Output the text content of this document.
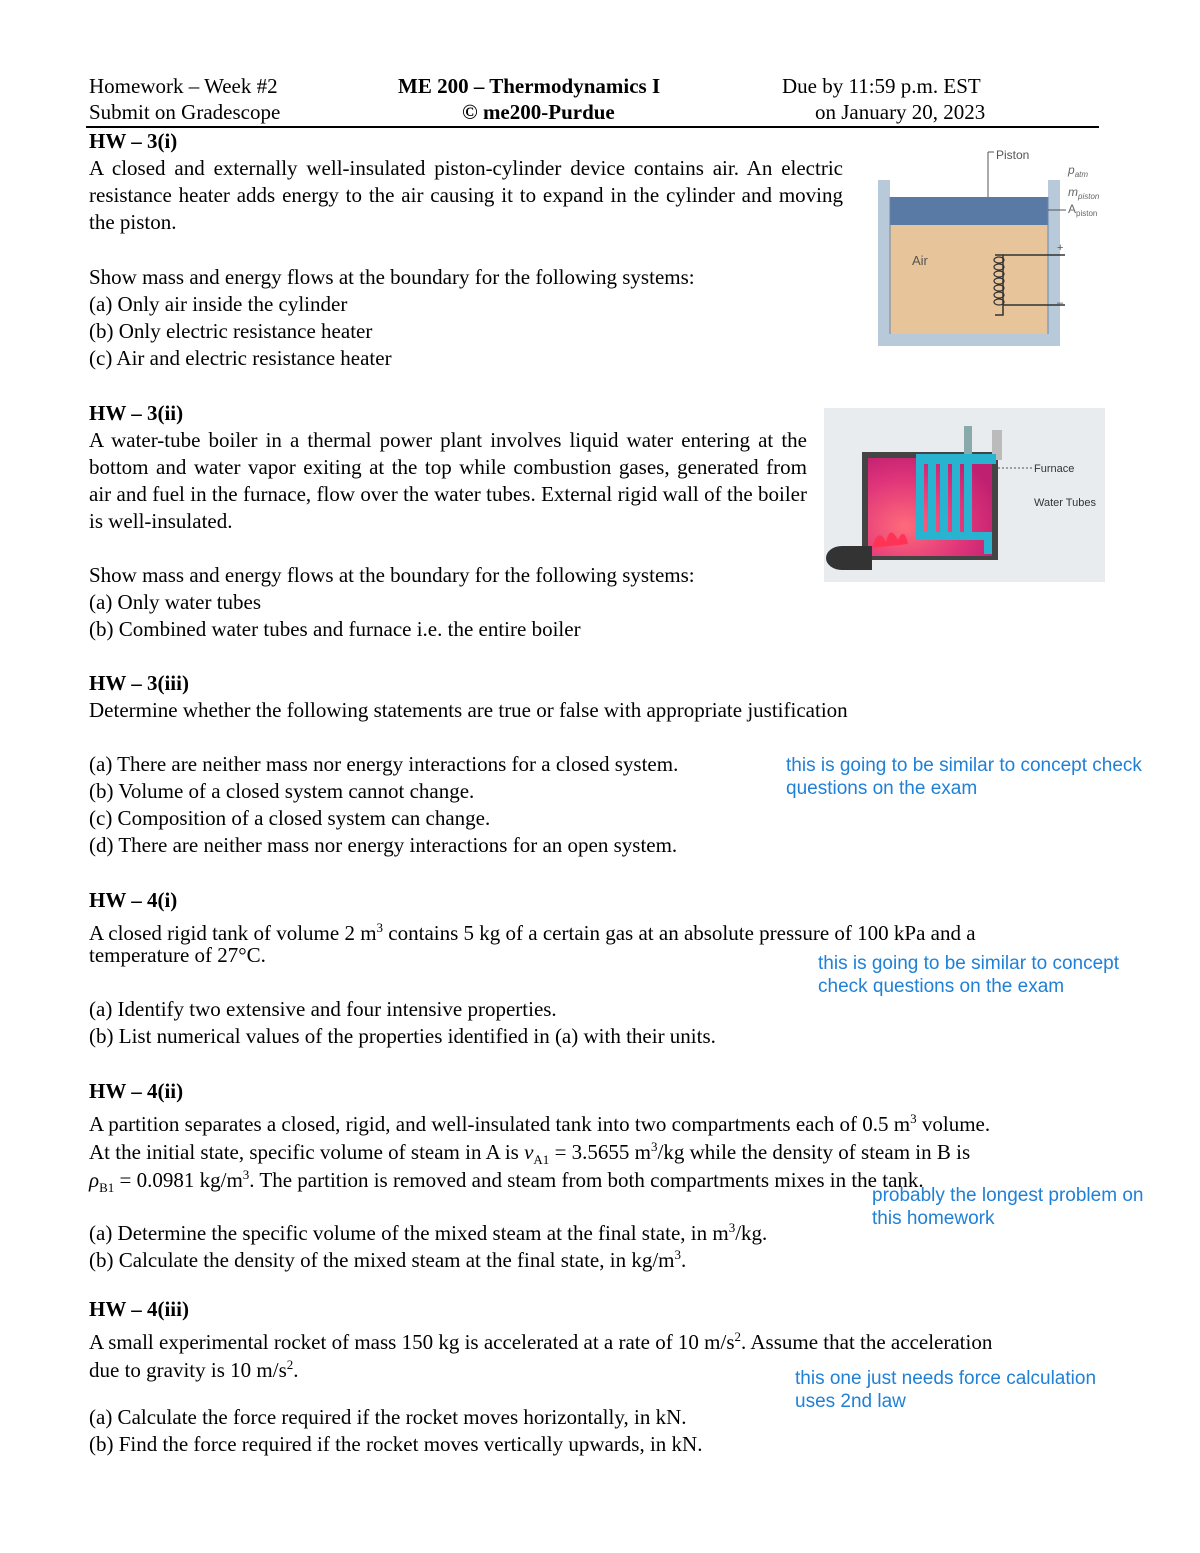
Homework – Week #2
Submit on Gradescope
ME 200 – Thermodynamics I
© me200-Purdue
Due by 11:59 p.m. EST
on January 20, 2023
HW – 3(i)
A closed and externally well-insulated piston-cylinder device contains air. An electric resistance heater adds energy to the air causing it to expand in the cylinder and moving the piston.
Show mass and energy flows at the boundary for the following systems:
(a) Only air inside the cylinder
(b) Only electric resistance heater
(c) Air and electric resistance heater
Piston
$p_{atm}$
$m_{piston}$
$A_{piston}$
Air
+
–
HW – 3(ii)
A water-tube boiler in a thermal power plant involves liquid water entering at the bottom and water vapor exiting at the top while combustion gases, generated from air and fuel in the furnace, flow over the water tubes. External rigid wall of the boiler is well-insulated.
Show mass and energy flows at the boundary for the following systems:
(a) Only water tubes
(b) Combined water tubes and furnace i.e. the entire boiler
Furnace
Water Tubes
HW – 3(iii)
Determine whether the following statements are true or false with appropriate justification
(a) There are neither mass nor energy interactions for a closed system.
(b) Volume of a closed system cannot change.
(c) Composition of a closed system can change.
(d) There are neither mass nor energy interactions for an open system.
this is going to be similar to concept check
questions on the exam
HW – 4(i)
A closed rigid tank of volume 2 $m^3$ contains 5 kg of a certain gas at an absolute pressure of 100 kPa and a
temperature of 27°C.
(a) Identify two extensive and four intensive properties.
(b) List numerical values of the properties identified in (a) with their units.
this is going to be similar to concept
check questions on the exam
HW – 4(ii)
A partition separates a closed, rigid, and well-insulated tank into two compartments each of 0.5 $m^3$ volume.
At the initial state, specific volume of steam in A is $v_{A1} = 3.5655$ $m^3/kg$ while the density of steam in B is
$\rho_{B1} = 0.0981$ $kg/m^3$. The partition is removed and steam from both compartments mixes in the tank.
(a) Determine the specific volume of the mixed steam at the final state, in $m^3/kg$.
(b) Calculate the density of the mixed steam at the final state, in $kg/m^3$.
probably the longest problem on
this homework
HW – 4(iii)
A small experimental rocket of mass 150 kg is accelerated at a rate of 10 $m/s^2$. Assume that the acceleration
due to gravity is 10 $m/s^2$.
(a) Calculate the force required if the rocket moves horizontally, in kN.
(b) Find the force required if the rocket moves vertically upwards, in kN.
this one just needs force calculation
uses 2nd law
